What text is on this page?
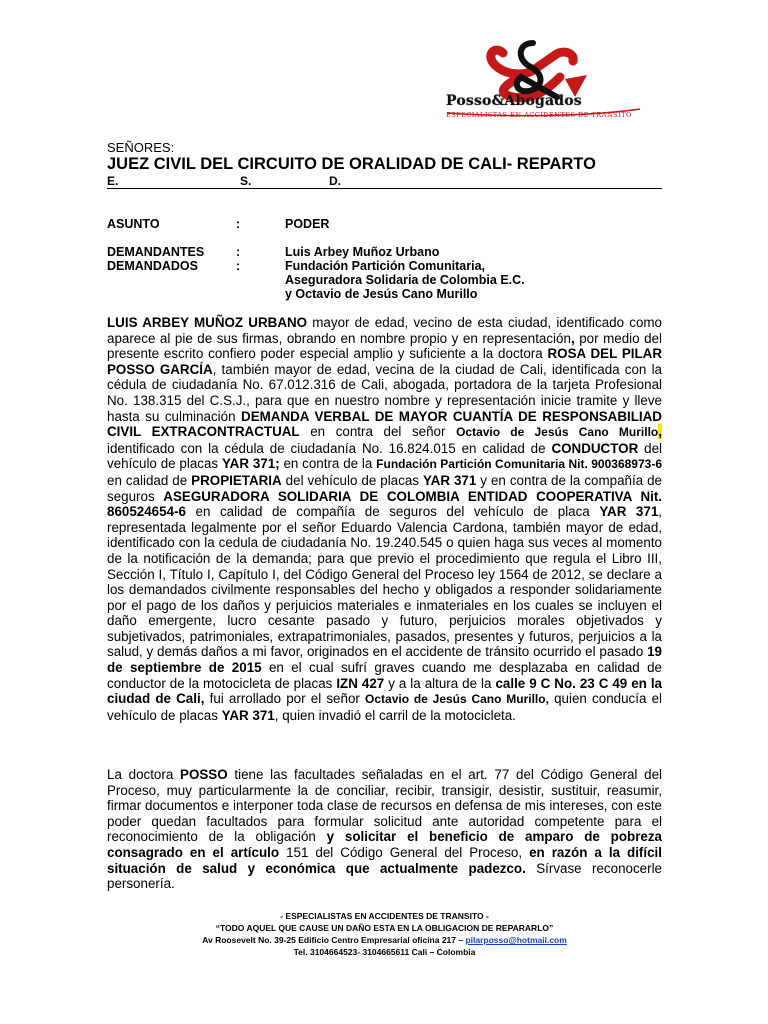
Posso&Abogados
ESPECIALISTAS EN ACCIDENTES DE TRANSITO
SEÑORES:
JUEZ CIVIL DEL CIRCUITO DE ORALIDAD DE CALI- REPARTO
E.	S.	D.
ASUNTO	:	PODER
DEMANDANTES	:	Luis Arbey Muñoz Urbano
DEMANDADOS	:	Fundación Partición Comunitaria,
Aseguradora Solidaria de Colombia E.C.
y Octavio de Jesús Cano Murillo
LUIS ARBEY MUÑOZ URBANO mayor de edad, vecino de esta ciudad, identificado como aparece al pie de sus firmas, obrando en nombre propio y en representación, por medio del presente escrito confiero poder especial amplio y suficiente a la doctora ROSA DEL PILAR POSSO GARCÍA, también mayor de edad, vecina de la ciudad de Cali, identificada con la cédula de ciudadanía No. 67.012.316 de Cali, abogada, portadora de la tarjeta Profesional No. 138.315 del C.S.J., para que en nuestro nombre y representación inicie tramite y lleve hasta su culminación DEMANDA VERBAL DE MAYOR CUANTÍA DE RESPONSABILIAD CIVIL EXTRACONTRACTUAL en contra del señor Octavio de Jesús Cano Murillo, identificado con la cédula de ciudadanía No. 16.824.015 en calidad de CONDUCTOR del vehículo de placas YAR 371; en contra de la Fundación Partición Comunitaria Nit. 900368973-6 en calidad de PROPIETARIA del vehículo de placas YAR 371 y en contra de la compañía de seguros ASEGURADORA SOLIDARIA DE COLOMBIA ENTIDAD COOPERATIVA Nit. 860524654-6 en calidad de compañía de seguros del vehículo de placa YAR 371, representada legalmente por el señor Eduardo Valencia Cardona, también mayor de edad, identificado con la cedula de ciudadanía No. 19.240.545 o quien haga sus veces al momento de la notificación de la demanda; para que previo el procedimiento que regula el Libro III, Sección I, Título I, Capítulo I, del Código General del Proceso ley 1564 de 2012, se declare a los demandados civilmente responsables del hecho y obligados a responder solidariamente por el pago de los daños y perjuicios materiales e inmateriales en los cuales se incluyen el daño emergente, lucro cesante pasado y futuro, perjuicios morales objetivados y subjetivados, patrimoniales, extrapatrimoniales, pasados, presentes y futuros, perjuicios a la salud, y demás daños a mi favor, originados en el accidente de tránsito ocurrido el pasado 19 de septiembre de 2015 en el cual sufrí graves cuando me desplazaba en calidad de conductor de la motocicleta de placas IZN 427 y a la altura de la calle 9 C No. 23 C 49 en la ciudad de Cali, fui arrollado por el señor Octavio de Jesús Cano Murillo, quien conducía el vehículo de placas YAR 371, quien invadió el carril de la motocicleta.
La doctora POSSO tiene las facultades señaladas en el art. 77 del Código General del Proceso, muy particularmente la de conciliar, recibir, transigir, desistir, sustituir, reasumir, firmar documentos e interponer toda clase de recursos en defensa de mis intereses, con este poder quedan facultados para formular solicitud ante autoridad competente para el reconocimiento de la obligación y solicitar el beneficio de amparo de pobreza consagrado en el artículo 151 del Código General del Proceso, en razón a la difícil situación de salud y económica que actualmente padezco. Sírvase reconocerle personería.
- ESPECIALISTAS EN ACCIDENTES DE TRANSITO -
“TODO AQUEL QUE CAUSE UN DAÑO ESTA EN LA OBLIGACION DE REPARARLO”
Av Roosevelt No. 39-25 Edificio Centro Empresarial oficina 217 – pilarposso@hotmail.com
Tel. 3104664523- 3104665611 Cali – Colombia
